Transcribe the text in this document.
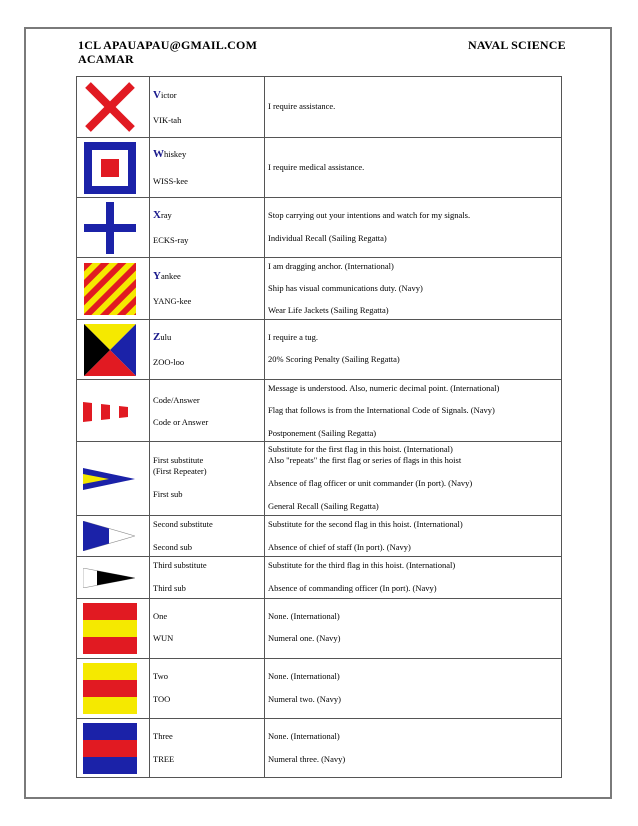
1CL APAUAPAU@GMAIL.COM
ACAMAR
NAVAL SCIENCE
Victor
VIK-tah
I require assistance.
Whiskey
WISS-kee
I require medical assistance.
Xray
ECKS-ray
Stop carrying out your intentions and watch for my signals.
Individual Recall (Sailing Regatta)
Yankee
YANG-kee
I am dragging anchor. (International)
Ship has visual communications duty. (Navy)
Wear Life Jackets (Sailing Regatta)
Zulu
ZOO-loo
I require a tug.
20% Scoring Penalty (Sailing Regatta)
Code/Answer
Code or Answer
Message is understood. Also, numeric decimal point. (International)
Flag that follows is from the International Code of Signals. (Navy)
Postponement (Sailing Regatta)
First substitute
(First Repeater)
First sub
Substitute for the first flag in this hoist. (International)
Also "repeats" the first flag or series of flags in this hoist
Absence of flag officer or unit commander (In port). (Navy)
General Recall (Sailing Regatta)
Second substitute
Second sub
Substitute for the second flag in this hoist. (International)
Absence of chief of staff (In port). (Navy)
Third substitute
Third sub
Substitute for the third flag in this hoist. (International)
Absence of commanding officer (In port). (Navy)
One
WUN
None. (International)
Numeral one. (Navy)
Two
TOO
None. (International)
Numeral two. (Navy)
Three
TREE
None. (International)
Numeral three. (Navy)
